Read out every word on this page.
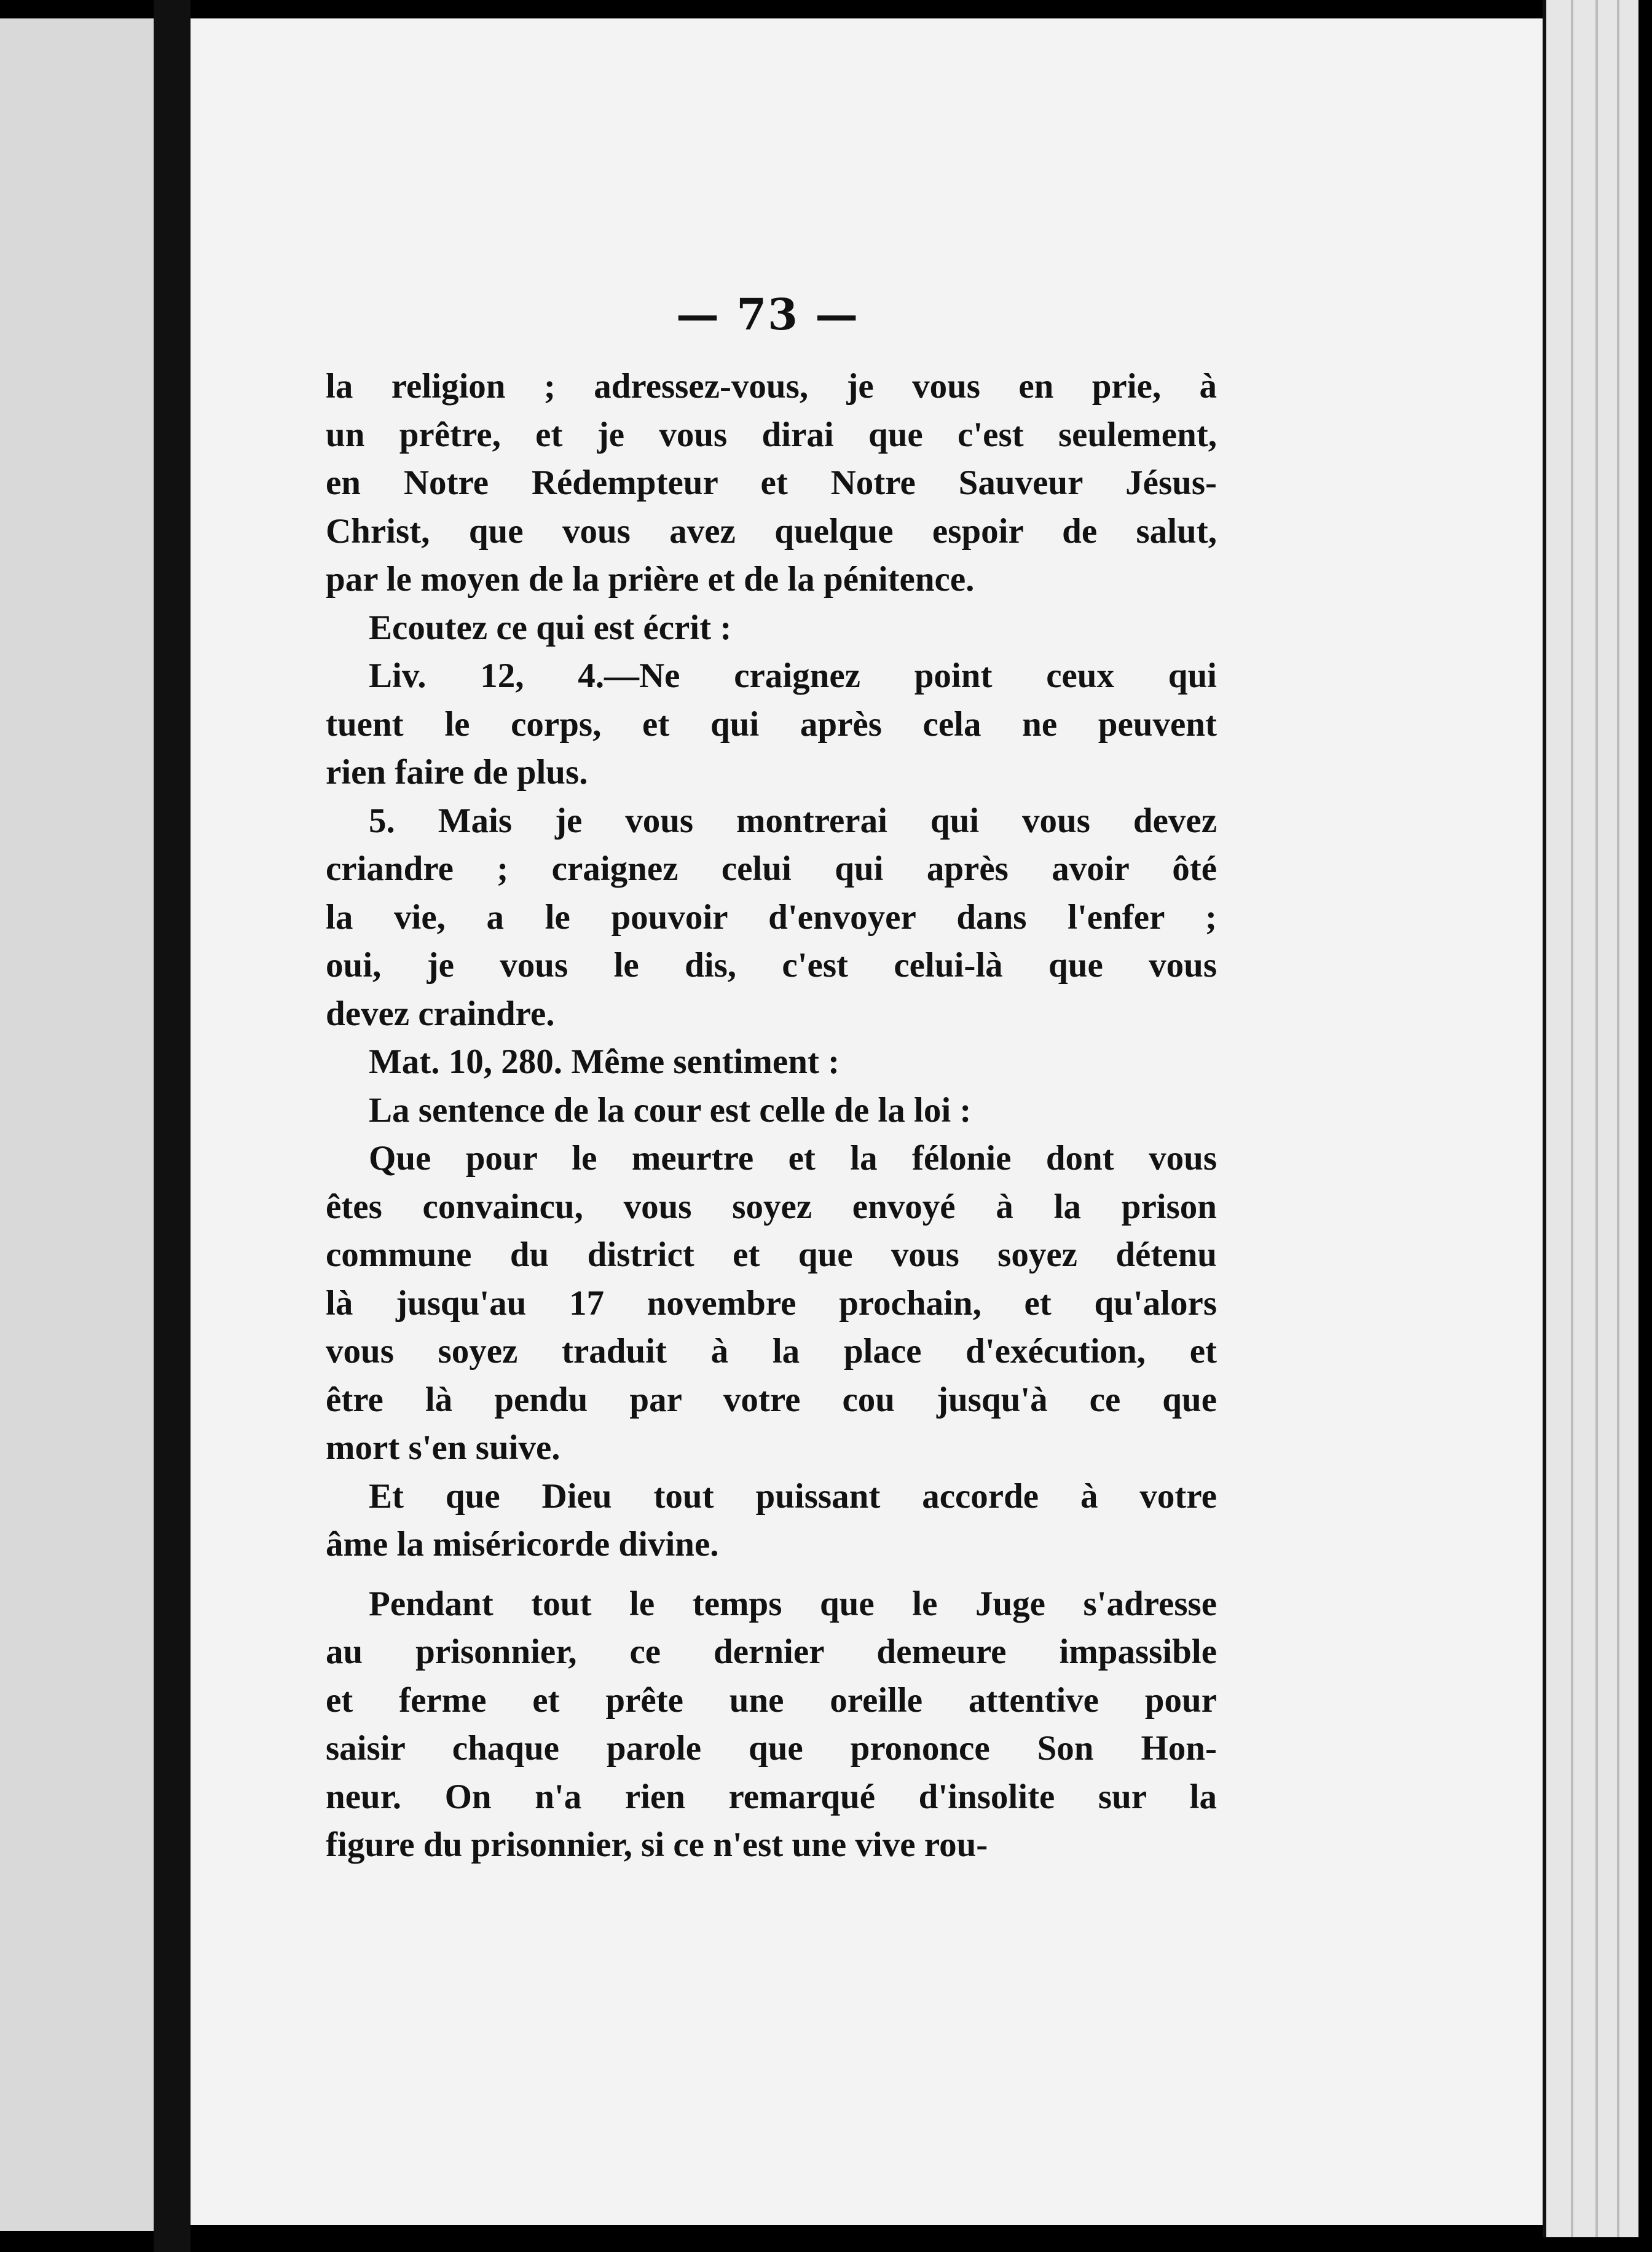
— 73 —
la religion ; adressez-vous, je vous en prie, à
un prêtre, et je vous dirai que c'est seulement,
en Notre Rédempteur et Notre Sauveur Jésus-
Christ, que vous avez quelque espoir de salut,
par le moyen de la prière et de la pénitence.
Ecoutez ce qui est écrit :
Liv. 12, 4.—Ne craignez point ceux qui
tuent le corps, et qui après cela ne peuvent
rien faire de plus.
5. Mais je vous montrerai qui vous devez
criandre ; craignez celui qui après avoir ôté
la vie, a le pouvoir d'envoyer dans l'enfer ;
oui, je vous le dis, c'est celui-là que vous
devez craindre.
Mat. 10, 280. Même sentiment :
La sentence de la cour est celle de la loi :
Que pour le meurtre et la félonie dont vous
êtes convaincu, vous soyez envoyé à la prison
commune du district et que vous soyez détenu
là jusqu'au 17 novembre prochain, et qu'alors
vous soyez traduit à la place d'exécution, et
être là pendu par votre cou jusqu'à ce que
mort s'en suive.
Et que Dieu tout puissant accorde à votre
âme la miséricorde divine.
Pendant tout le temps que le Juge s'adresse
au prisonnier, ce dernier demeure impassible
et ferme et prête une oreille attentive pour
saisir chaque parole que prononce Son Hon-
neur. On n'a rien remarqué d'insolite sur la
figure du prisonnier, si ce n'est une vive rou-
